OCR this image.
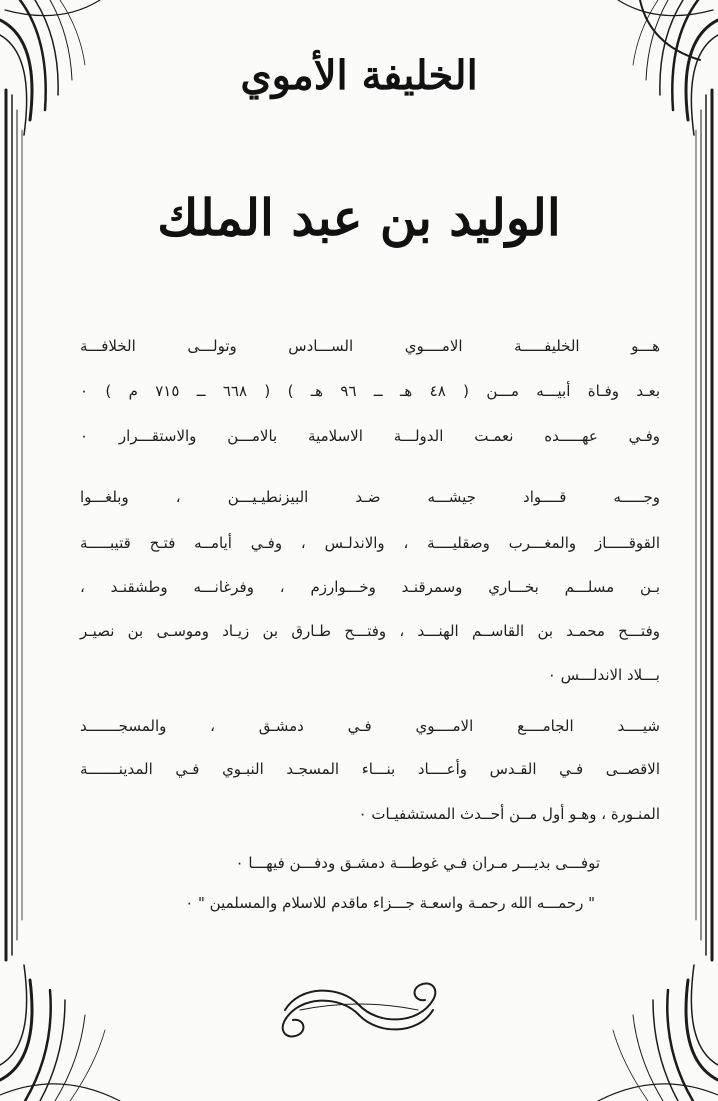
الخليفة الأموي
الوليد بن عبد الملك
هـــو الخليفـــــة الامــــوي الســـادس وتولـــى الخلافـــة
بعـد وفـاة أبيـــه مـــن ( ٤٨ هـ ــ ٩٦ هـ ) ( ٦٦٨ ــ ٧١٥ م ) ٠
وفـي عهـــــده نعمـت الدولـــة الاسلامية بالامـــن والاستقـــرار ٠
وجـــــه قــــواد جيشـــه ضـد البيزنطيـيـــن ، وبلغـــوا
القوقـــــاز والمغـــرب وصقليــــة ، والاندلـس ، وفـي أيامــه فتـح قتيبـــــة
بـن مسلـــم بخـــاري وسمرقنـد وخـــوارزم ، وفرغانـــه وطشقنـد ،
وفتـــح محمـد بن القاســم الهنـــد ، وفتـــح طـارق بن زيـاد وموسـى بن نصيـر
بـــلاد الاندلـــس ٠
شيــــد الجامــــع الامــــوي فـي دمشـق ، والمسجـــــــد
الاقصــى فـي القـدس وأعــــاد بنـــاء المسجـد النبـوي فـي المدينـــــــة
المنـورة ، وهـو أول مــن أحــدث المستشفيـات ٠
توفـــى بديـــر مـران فـي غوطـــة دمشـق ودفـــن فيهـــا ٠
" رحمـــه الله رحمـة واسعـة جـــزاء ماقدم للاسلام والمسلمين " ٠
